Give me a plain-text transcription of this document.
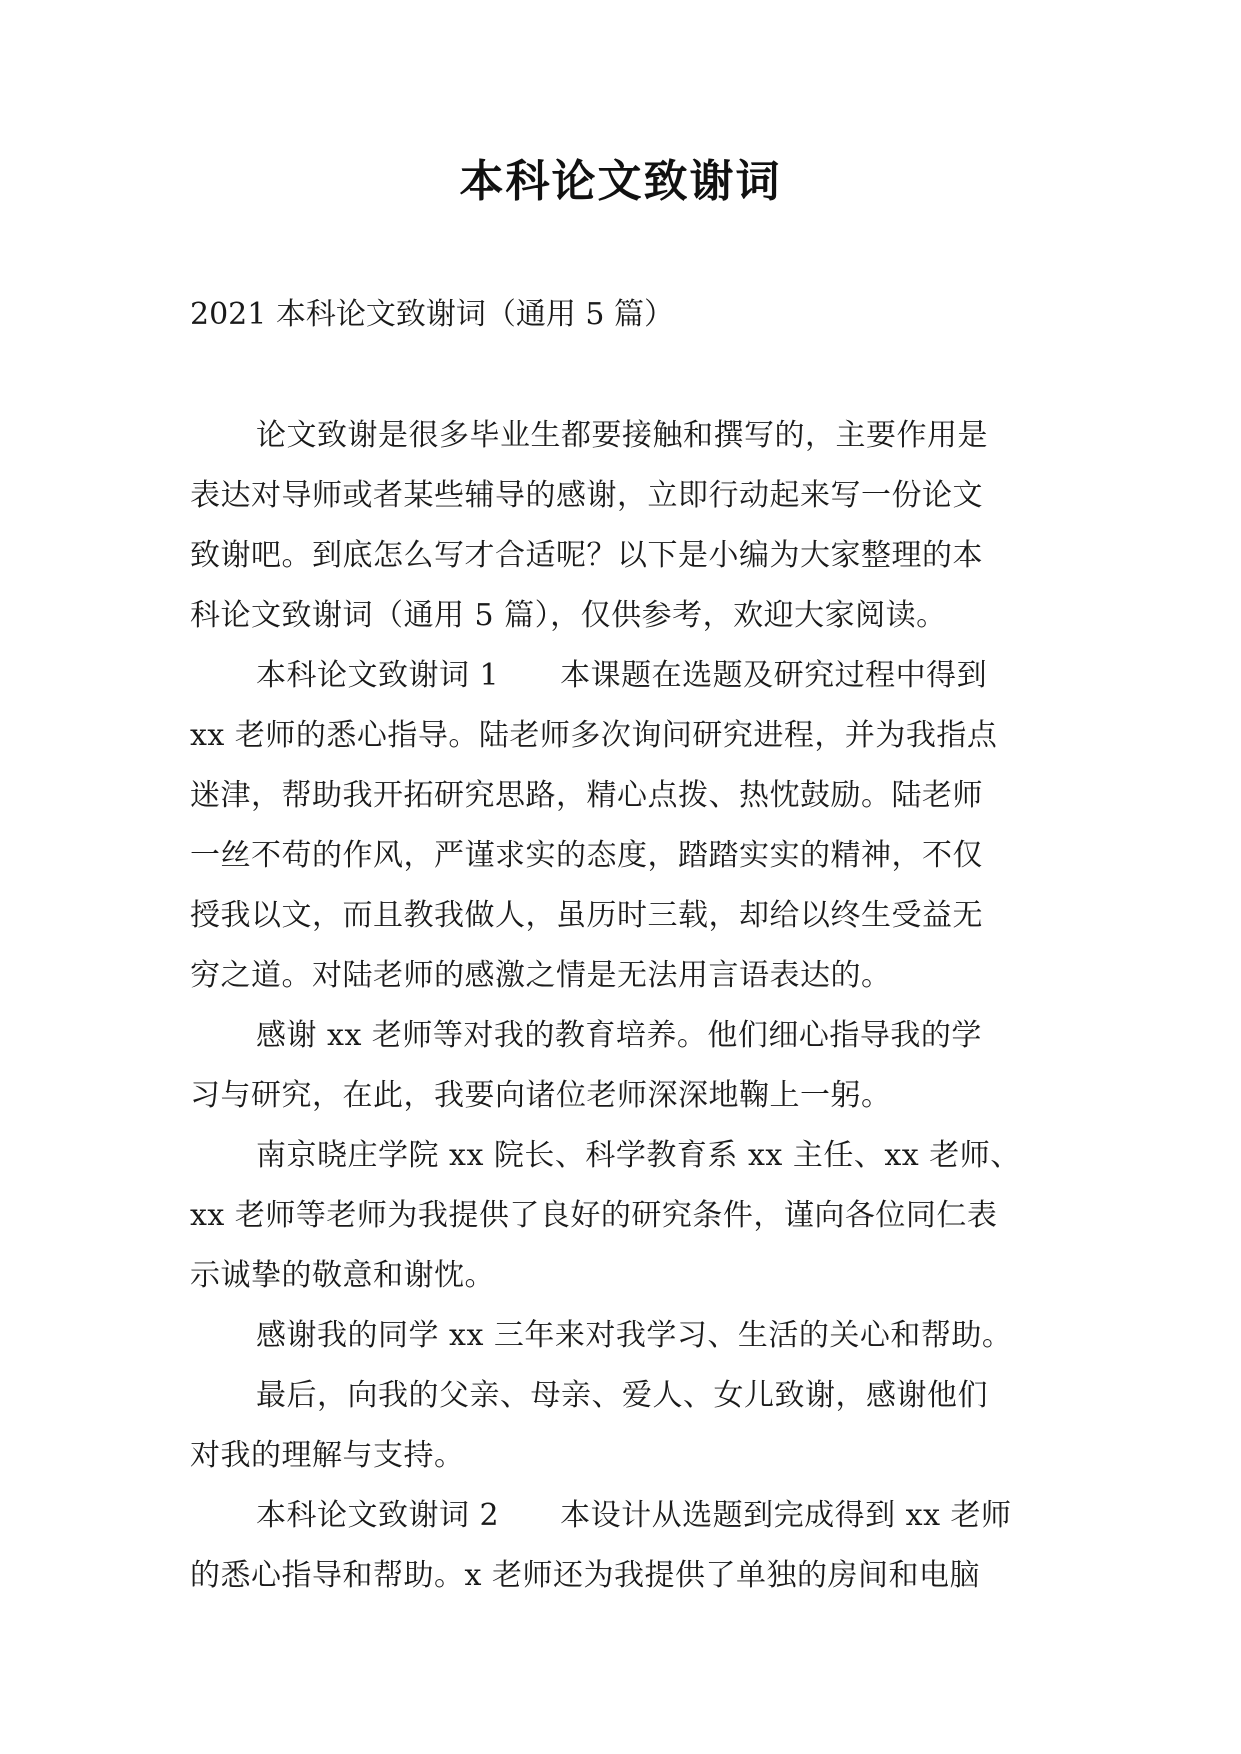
本科论文致谢词
2021 本科论文致谢词（通用 5 篇）
论文致谢是很多毕业生都要接触和撰写的，主要作用是
表达对导师或者某些辅导的感谢，立即行动起来写一份论文
致谢吧。到底怎么写才合适呢？以下是小编为大家整理的本
科论文致谢词（通用 5 篇），仅供参考，欢迎大家阅读。
本科论文致谢词 1　　本课题在选题及研究过程中得到
xx 老师的悉心指导。陆老师多次询问研究进程，并为我指点
迷津，帮助我开拓研究思路，精心点拨、热忱鼓励。陆老师
一丝不苟的作风，严谨求实的态度，踏踏实实的精神，不仅
授我以文，而且教我做人，虽历时三载，却给以终生受益无
穷之道。对陆老师的感激之情是无法用言语表达的。
感谢 xx 老师等对我的教育培养。他们细心指导我的学
习与研究，在此，我要向诸位老师深深地鞠上一躬。
南京晓庄学院 xx 院长、科学教育系 xx 主任、xx 老师、
xx 老师等老师为我提供了良好的研究条件，谨向各位同仁表
示诚挚的敬意和谢忱。
感谢我的同学 xx 三年来对我学习、生活的关心和帮助。
最后，向我的父亲、母亲、爱人、女儿致谢，感谢他们
对我的理解与支持。
本科论文致谢词 2　　本设计从选题到完成得到 xx 老师
的悉心指导和帮助。x 老师还为我提供了单独的房间和电脑
